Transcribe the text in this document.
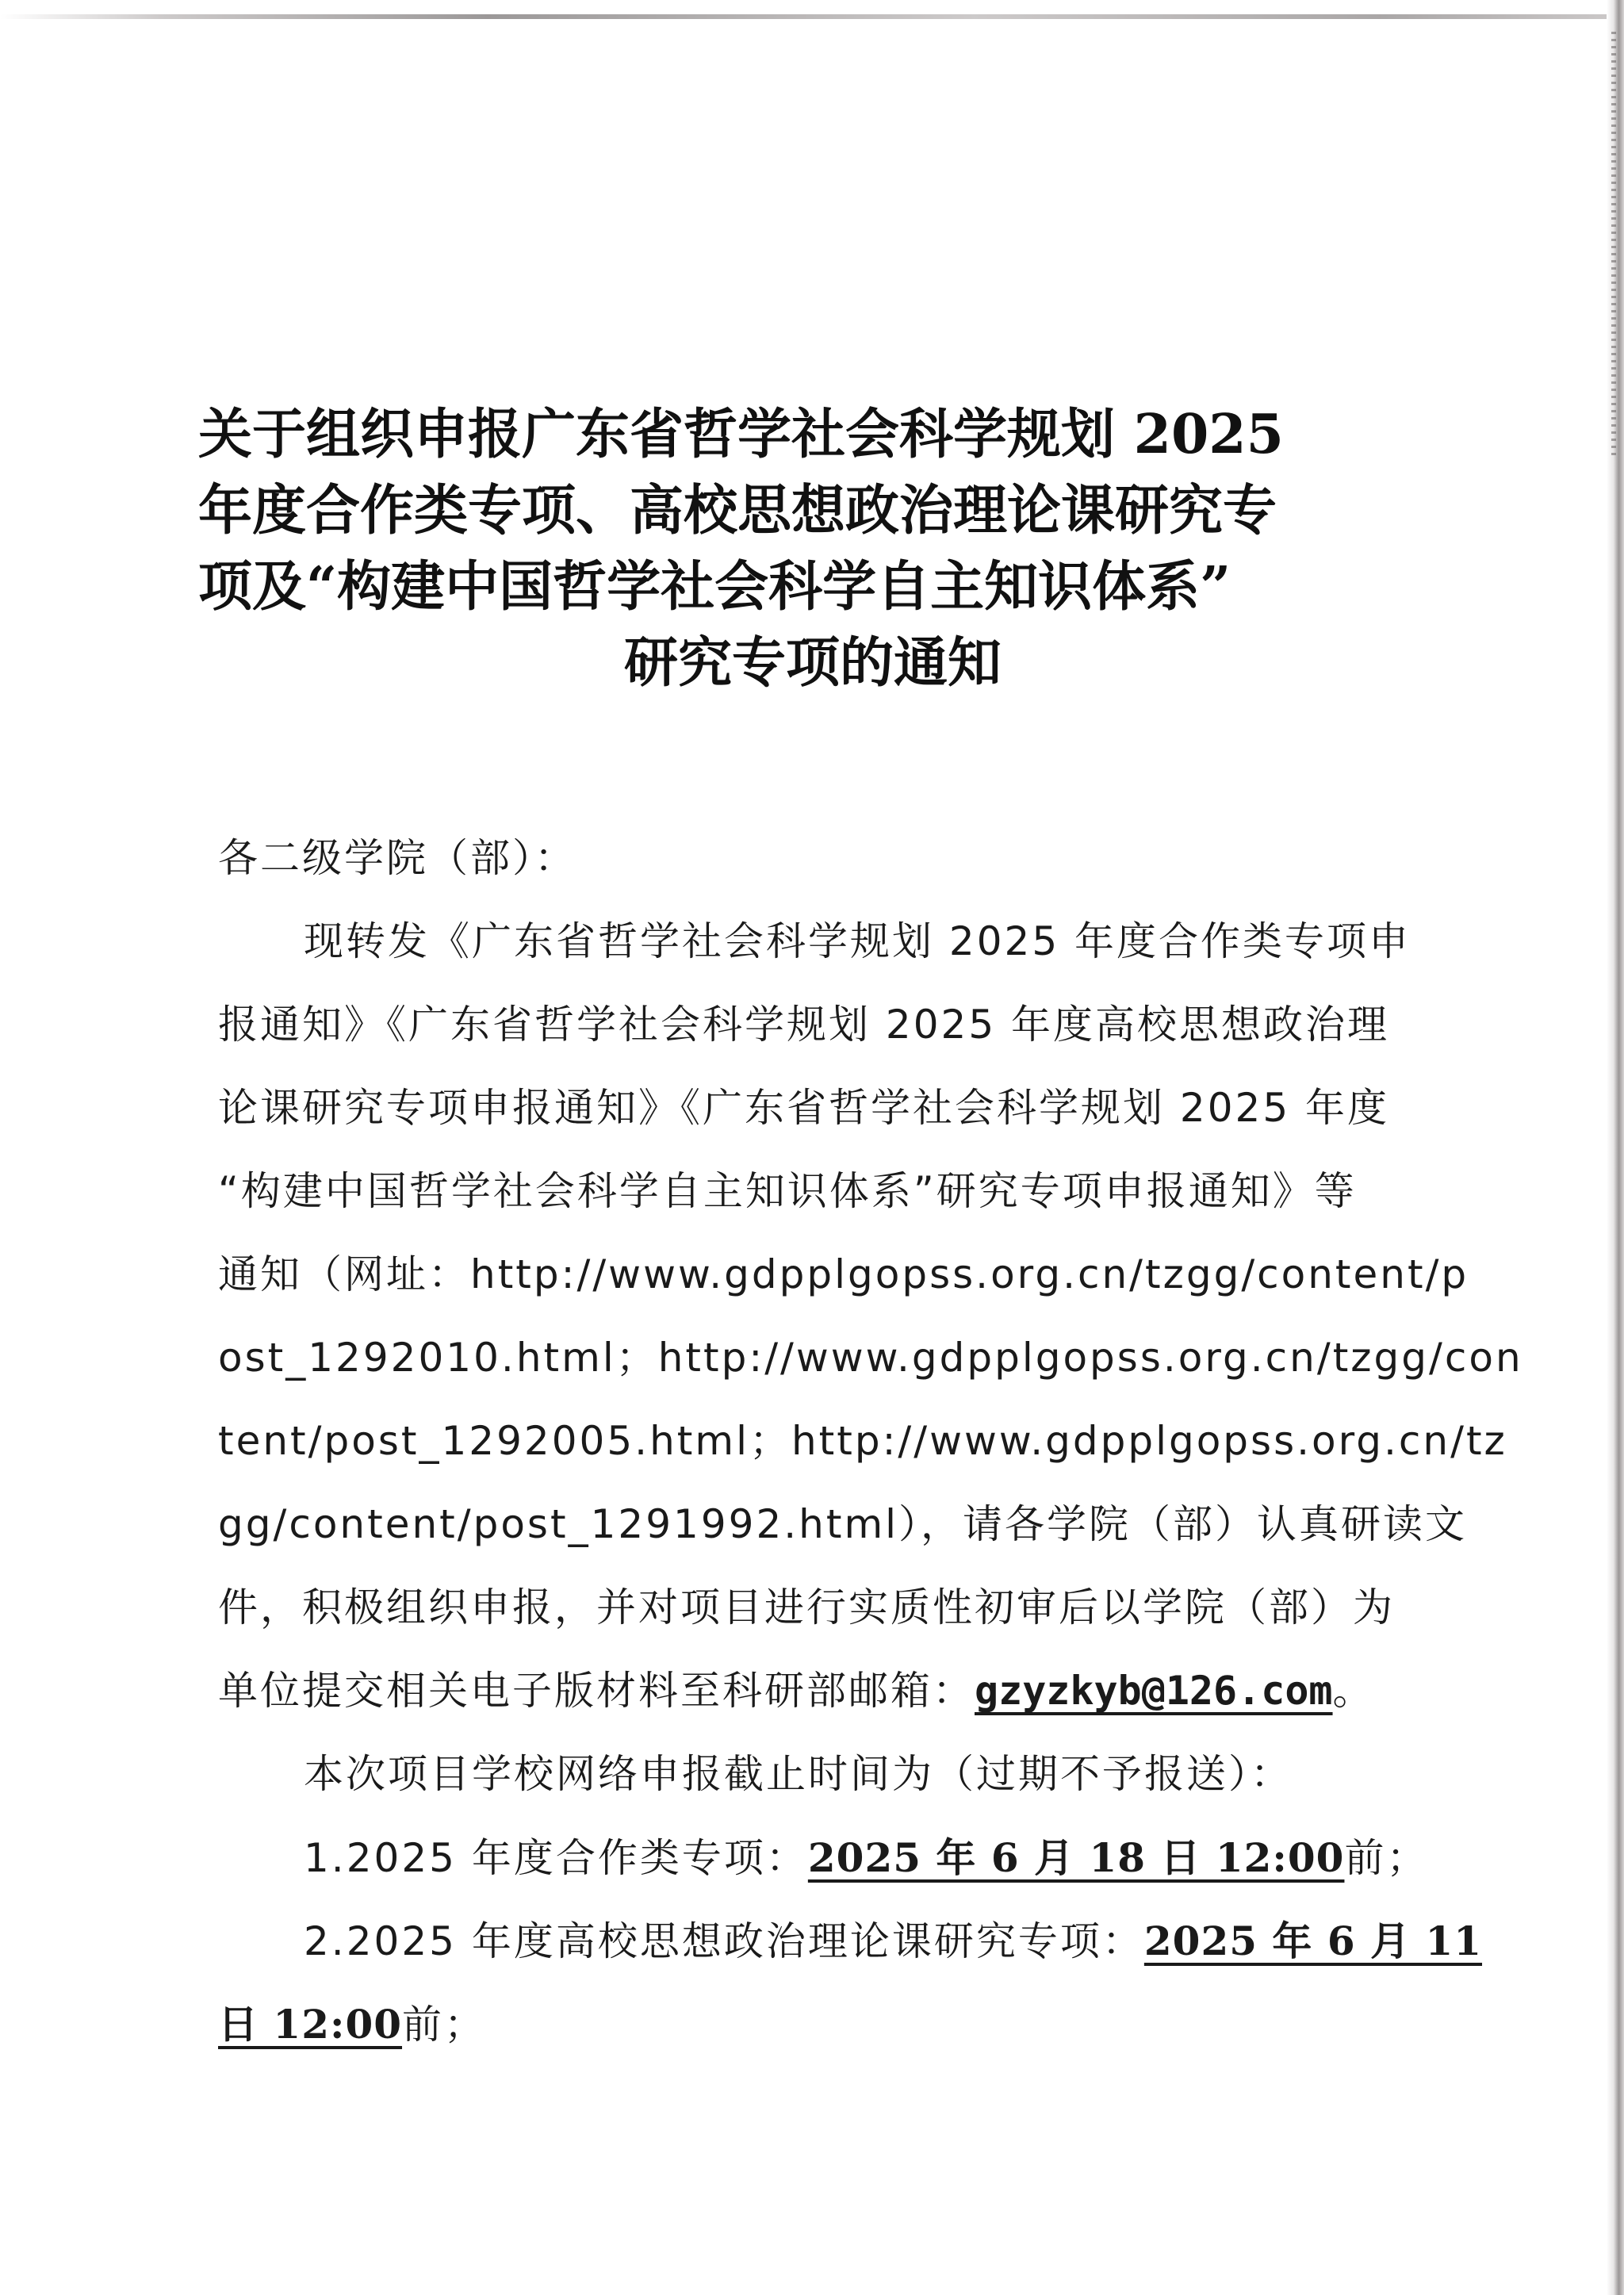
关于组织申报广东省哲学社会科学规划 2025
年度合作类专项、高校思想政治理论课研究专
项及“构建中国哲学社会科学自主知识体系”
研究专项的通知
各二级学院（部）：
现转发《广东省哲学社会科学规划 2025 年度合作类专项申
报通知》《广东省哲学社会科学规划 2025 年度高校思想政治理
论课研究专项申报通知》《广东省哲学社会科学规划 2025 年度
“构建中国哲学社会科学自主知识体系”研究专项申报通知》等
通知（网址：http://www.gdpplgopss.org.cn/tzgg/content/p
ost_1292010.html；http://www.gdpplgopss.org.cn/tzgg/con
tent/post_1292005.html；http://www.gdpplgopss.org.cn/tz
gg/content/post_1291992.html），请各学院（部）认真研读文
件，积极组织申报，并对项目进行实质性初审后以学院（部）为
单位提交相关电子版材料至科研部邮箱：gzyzkyb@126.com。
本次项目学校网络申报截止时间为（过期不予报送）：
1.2025 年度合作类专项：2025 年 6 月 18 日 12:00前；
2.2025 年度高校思想政治理论课研究专项：2025 年 6 月 11
日 12:00前；
